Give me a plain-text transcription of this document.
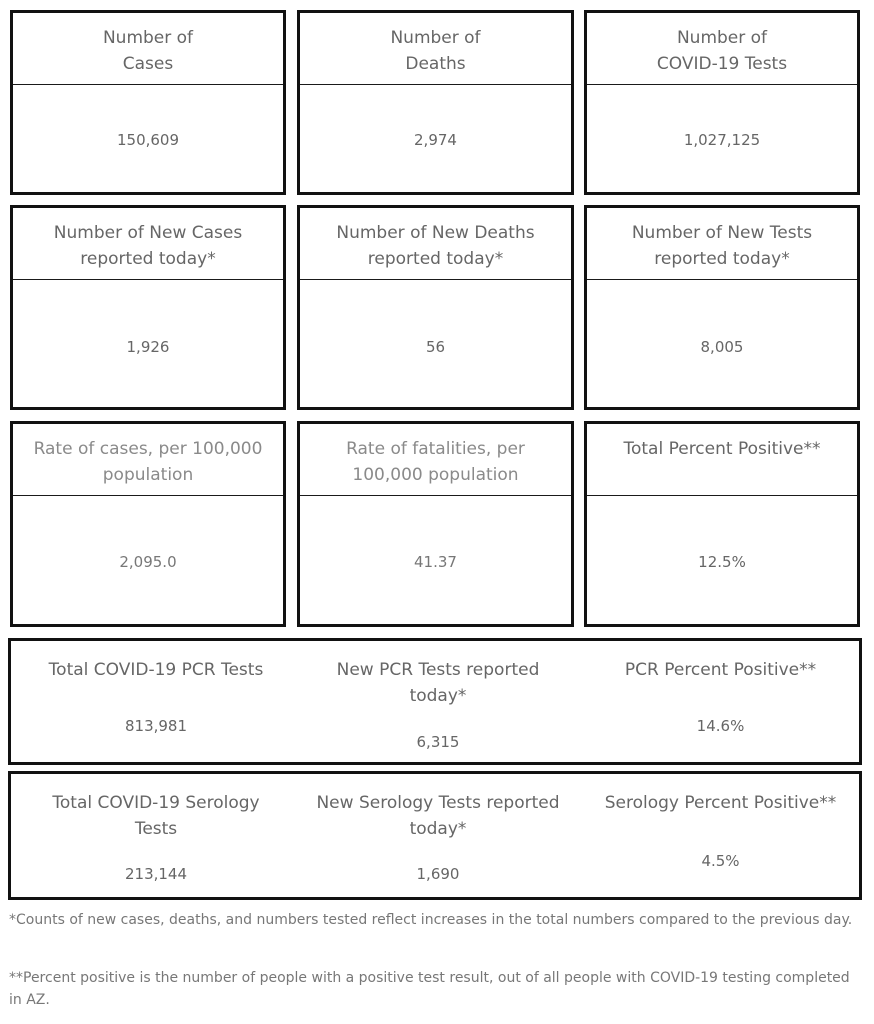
Number of
Cases
150,609
Number of
Deaths
2,974
Number of
COVID-19 Tests
1,027,125
Number of New Cases
reported today*
1,926
Number of New Deaths
reported today*
56
Number of New Tests
reported today*
8,005
Rate of cases, per 100,000
population
2,095.0
Rate of fatalities, per
100,000 population
41.37
Total Percent Positive**
12.5%
Total COVID-19 PCR Tests
813,981
New PCR Tests reported
today*
6,315
PCR Percent Positive**
14.6%
Total COVID-19 Serology
Tests
213,144
New Serology Tests reported
today*
1,690
Serology Percent Positive**
4.5%
*Counts of new cases, deaths, and numbers tested reflect increases in the total numbers compared to the previous day.
**Percent positive is the number of people with a positive test result, out of all people with COVID-19 testing completed in AZ.
